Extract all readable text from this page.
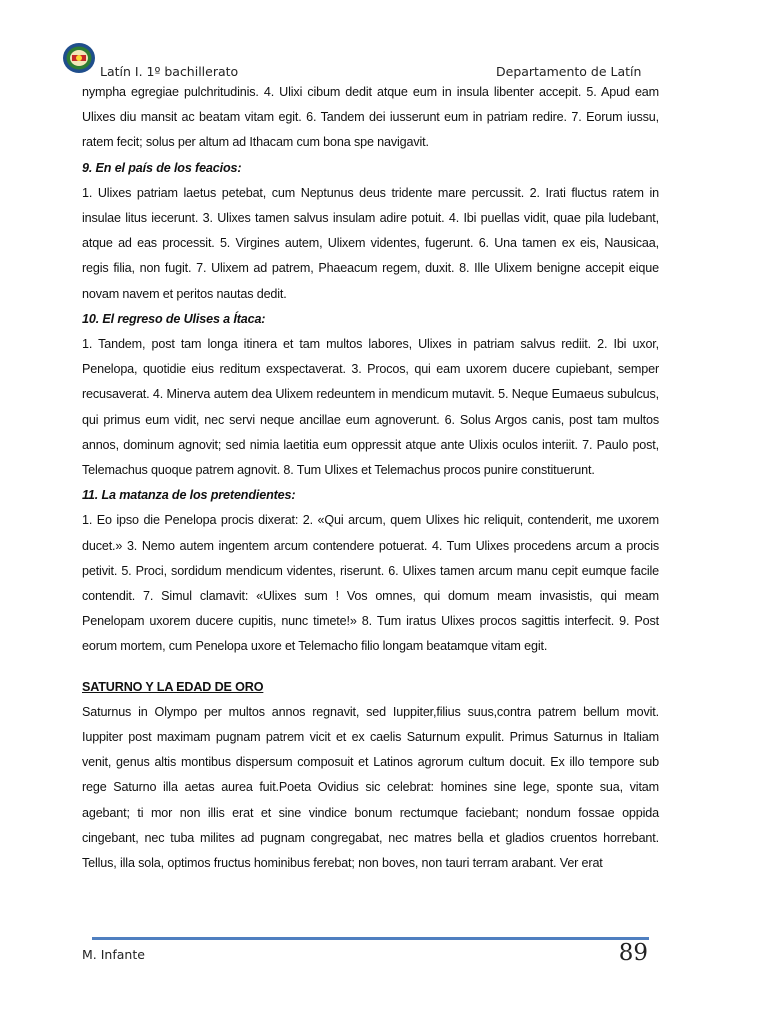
Latín I. 1º bachillerato	Departamento de Latín

nympha egregiae pulchritudinis. 4. Ulixi cibum dedit atque eum in insula libenter accepit. 5. Apud eam Ulixes diu mansit ac beatam vitam egit. 6. Tandem dei iusserunt eum in patriam redire. 7. Eorum iussu, ratem fecit; solus per altum ad Ithacam cum bona spe navigavit.

9. En el país de los feacios:

1. Ulixes patriam laetus petebat, cum Neptunus deus tridente mare percussit. 2. Irati fluctus ratem in insulae litus iecerunt. 3. Ulixes tamen salvus insulam adire potuit. 4. Ibi puellas vidit, quae pila ludebant, atque ad eas processit. 5. Virgines autem, Ulixem videntes, fugerunt. 6. Una tamen ex eis, Nausicaa, regis filia, non fugit. 7. Ulixem ad patrem, Phaeacum regem, duxit. 8. Ille Ulixem benigne accepit eique novam navem et peritos nautas dedit.

10. El regreso de Ulises a Ítaca:

1. Tandem, post tam longa itinera et tam multos labores, Ulixes in patriam salvus rediit. 2. Ibi uxor, Penelopa, quotidie eius reditum exspectaverat. 3. Procos, qui eam uxorem ducere cupiebant, semper recusaverat. 4. Minerva autem dea Ulixem redeuntem in mendicum mutavit. 5. Neque Eumaeus subulcus, qui primus eum vidit, nec servi neque ancillae eum agnoverunt. 6. Solus Argos canis, post tam multos annos, dominum agnovit; sed nimia laetitia eum oppressit atque ante Ulixis oculos interiit. 7. Paulo post, Telemachus quoque patrem agnovit. 8. Tum Ulixes et Telemachus procos punire constituerunt.

11. La matanza de los pretendientes:

1. Eo ipso die Penelopa procis dixerat: 2. «Qui arcum, quem Ulixes hic reliquit, contenderit, me uxorem ducet.» 3. Nemo autem ingentem arcum contendere potuerat. 4. Tum Ulixes procedens arcum a procis petivit. 5. Proci, sordidum mendicum videntes, riserunt. 6. Ulixes tamen arcum manu cepit eumque facile contendit. 7. Simul clamavit: «Ulixes sum ! Vos omnes, qui domum meam invasistis, qui meam Penelopam uxorem ducere cupitis, nunc timete!» 8. Tum iratus Ulixes procos sagittis interfecit. 9. Post eorum mortem, cum Penelopa uxore et Telemacho filio longam beatamque vitam egit.

SATURNO Y LA EDAD DE ORO

Saturnus in Olympo per multos annos regnavit, sed Iuppiter,filius suus,contra patrem bellum movit. Iuppiter post maximam pugnam patrem vicit et ex caelis Saturnum expulit. Primus Saturnus in Italiam venit, genus altis montibus dispersum composuit et Latinos agrorum cultum docuit. Ex illo tempore sub rege Saturno illa aetas aurea fuit.Poeta Ovidius sic celebrat: homines sine lege, sponte sua, vitam agebant; ti mor non illis erat et sine vindice bonum rectumque faciebant; nondum fossae oppida cingebant, nec tuba milites ad pugnam congregabat, nec matres bella et gladios cruentos horrebant. Tellus, illa sola, optimos fructus hominibus ferebat; non boves, non tauri terram arabant. Ver erat

M. Infante	89
